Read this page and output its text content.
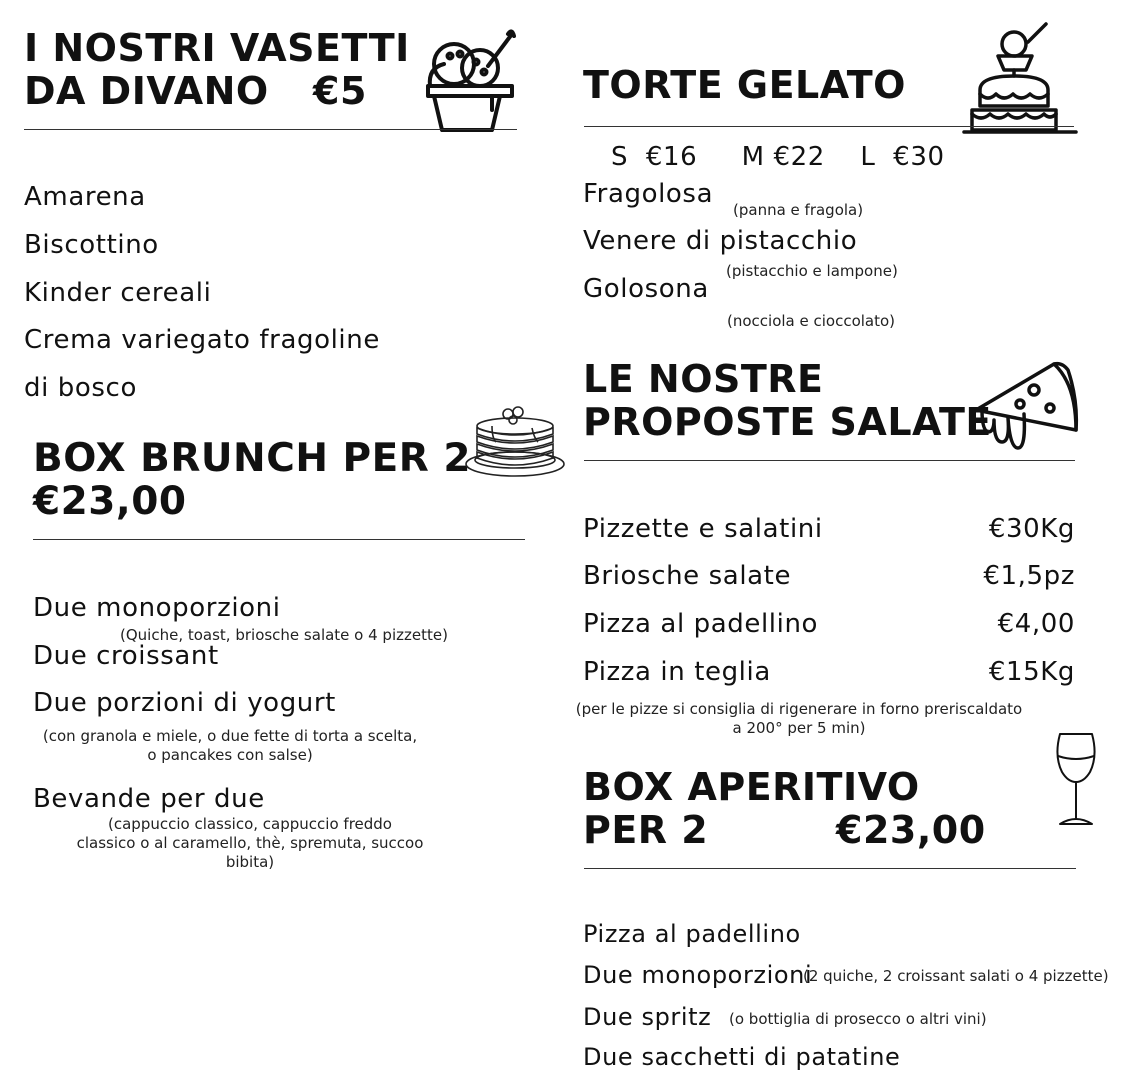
I NOSTRI VASETTI
DA DIVANO €5
Amarena
Biscottino
Kinder cereali
Crema variegato fragoline
di bosco
BOX BRUNCH PER 2
€23,00
Due monoporzioni
(Quiche, toast, briosche salate o 4 pizzette)
Due croissant
Due porzioni di yogurt
(con granola e miele, o due fette di torta a scelta,
o pancakes con salse)
Bevande per due
(cappuccio classico, cappuccio freddo
classico o al caramello, thè, spremuta, succoo
bibita)
TORTE GELATO
S  €16     M €22    L  €30
Fragolosa
(panna e fragola)
Venere di pistacchio
(pistacchio e lampone)
Golosona
(nocciola e cioccolato)
LE NOSTRE
PROPOSTE SALATE
Pizzette e salatini	€30Kg
Briosche salate	€1,5pz
Pizza al padellino	€4,00
Pizza in teglia	€15Kg
(per le pizze si consiglia di rigenerare in forno preriscaldato
a 200° per 5 min)
BOX APERITIVO
PER 2	€23,00
Pizza al padellino
Due monoporzioni
(2 quiche, 2 croissant salati o 4 pizzette)
Due spritz (o bottiglia di prosecco o altri vini)
Due sacchetti di patatine
